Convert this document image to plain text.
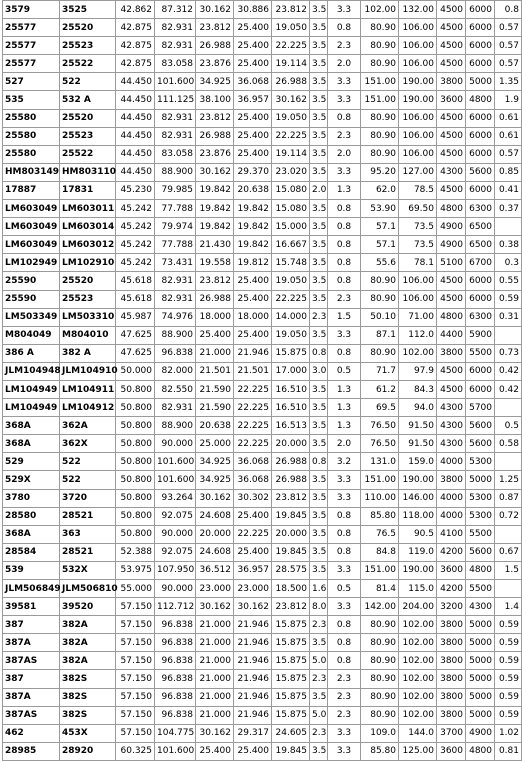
3579	3525	42.862	87.312	30.162	30.886	23.812	3.5	3.3	102.00	132.00	4500	6000	0.8
25577	25520	42.875	82.931	23.812	25.400	19.050	3.5	0.8	80.90	106.00	4500	6000	0.57
25577	25523	42.875	82.931	26.988	25.400	22.225	3.5	2.3	80.90	106.00	4500	6000	0.57
25577	25522	42.875	83.058	23.876	25.400	19.114	3.5	2.0	80.90	106.00	4500	6000	0.57
527	522	44.450	101.600	34.925	36.068	26.988	3.5	3.3	151.00	190.00	3800	5000	1.35
535	532 A	44.450	111.125	38.100	36.957	30.162	3.5	3.3	151.00	190.00	3600	4800	1.9
25580	25520	44.450	82.931	23.812	25.400	19.050	3.5	0.8	80.90	106.00	4500	6000	0.61
25580	25523	44.450	82.931	26.988	25.400	22.225	3.5	2.3	80.90	106.00	4500	6000	0.61
25580	25522	44.450	83.058	23.876	25.400	19.114	3.5	2.0	80.90	106.00	4500	6000	0.57
HM803149	HM803110	44.450	88.900	30.162	29.370	23.020	3.5	3.3	95.20	127.00	4300	5600	0.85
17887	17831	45.230	79.985	19.842	20.638	15.080	2.0	1.3	62.0	78.5	4500	6000	0.41
LM603049	LM603011	45.242	77.788	19.842	19.842	15.080	3.5	0.8	53.90	69.50	4800	6300	0.37
LM603049	LM603014	45.242	79.974	19.842	19.842	15.000	3.5	0.8	57.1	73.5	4900	6500	
LM603049	LM603012	45.242	77.788	21.430	19.842	16.667	3.5	0.8	57.1	73.5	4900	6500	0.38
LM102949	LM102910	45.242	73.431	19.558	19.812	15.748	3.5	0.8	55.6	78.1	5100	6700	0.3
25590	25520	45.618	82.931	23.812	25.400	19.050	3.5	0.8	80.90	106.00	4500	6000	0.55
25590	25523	45.618	82.931	26.988	25.400	22.225	3.5	2.3	80.90	106.00	4500	6000	0.59
LM503349	LM503310	45.987	74.976	18.000	18.000	14.000	2.3	1.5	50.10	71.00	4800	6300	0.31
M804049	M804010	47.625	88.900	25.400	25.400	19.050	3.5	3.3	87.1	112.0	4400	5900	
386 A	382 A	47.625	96.838	21.000	21.946	15.875	0.8	0.8	80.90	102.00	3800	5500	0.73
JLM104948	JLM104910	50.000	82.000	21.501	21.501	17.000	3.0	0.5	71.7	97.9	4500	6000	0.42
LM104949	LM104911	50.800	82.550	21.590	22.225	16.510	3.5	1.3	61.2	84.3	4500	6000	0.42
LM104949	LM104912	50.800	82.931	21.590	22.225	16.510	3.5	1.3	69.5	94.0	4300	5700	
368A	362A	50.800	88.900	20.638	22.225	16.513	3.5	1.3	76.50	91.50	4300	5600	0.5
368A	362X	50.800	90.000	25.000	22.225	20.000	3.5	2.0	76.50	91.50	4300	5600	0.58
529	522	50.800	101.600	34.925	36.068	26.988	0.8	3.2	131.0	159.0	4000	5300	
529X	522	50.800	101.600	34.925	36.068	26.988	3.5	3.3	151.00	190.00	3800	5000	1.25
3780	3720	50.800	93.264	30.162	30.302	23.812	3.5	3.3	110.00	146.00	4000	5300	0.87
28580	28521	50.800	92.075	24.608	25.400	19.845	3.5	0.8	85.80	118.00	4000	5300	0.72
368A	363	50.800	90.000	20.000	22.225	20.000	3.5	0.8	76.5	90.5	4100	5500	
28584	28521	52.388	92.075	24.608	25.400	19.845	3.5	0.8	84.8	119.0	4200	5600	0.67
539	532X	53.975	107.950	36.512	36.957	28.575	3.5	3.3	151.00	190.00	3600	4800	1.5
JLM506849	JLM506810	55.000	90.000	23.000	23.000	18.500	1.6	0.5	81.4	115.0	4200	5500	
39581	39520	57.150	112.712	30.162	30.162	23.812	8.0	3.3	142.00	204.00	3200	4300	1.4
387	382A	57.150	96.838	21.000	21.946	15.875	2.3	0.8	80.90	102.00	3800	5000	0.59
387A	382A	57.150	96.838	21.000	21.946	15.875	3.5	0.8	80.90	102.00	3800	5000	0.59
387AS	382A	57.150	96.838	21.000	21.946	15.875	5.0	0.8	80.90	102.00	3800	5000	0.59
387	382S	57.150	96.838	21.000	21.946	15.875	2.3	2.3	80.90	102.00	3800	5000	0.59
387A	382S	57.150	96.838	21.000	21.946	15.875	3.5	2.3	80.90	102.00	3800	5000	0.59
387AS	382S	57.150	96.838	21.000	21.946	15.875	5.0	2.3	80.90	102.00	3800	5000	0.59
462	453X	57.150	104.775	30.162	29.317	24.605	2.3	3.3	109.0	144.0	3700	4900	1.02
28985	28920	60.325	101.600	25.400	25.400	19.845	3.5	3.3	85.80	125.00	3600	4800	0.81
